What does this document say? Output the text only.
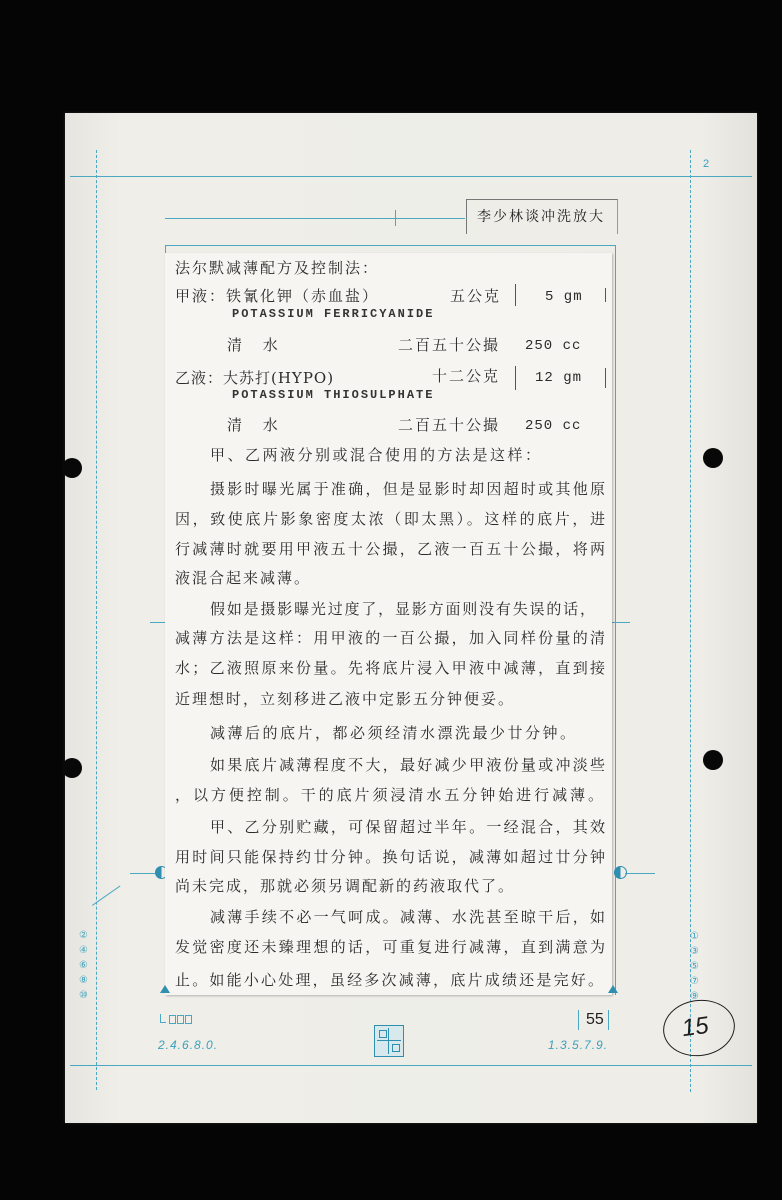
李少林谈冲洗放大
2
法尔默减薄配方及控制法：
甲液：铁氰化钾（赤血盐）	五公克	5 gm
POTASSIUM FERRICYANIDE
清 水	二百五十公撮 250 cc
乙液：大苏打(HYPO)	十二公克 12 gm
POTASSIUM THIOSULPHATE
清 水	二百五十公撮 250 cc
甲、乙两液分别或混合使用的方法是这样：
摄影时曝光属于准确，但是显影时却因超时或其他原
因，致使底片影象密度太浓（即太黑）。这样的底片，进
行减薄时就要用甲液五十公撮，乙液一百五十公撮，将两
液混合起来减薄。
假如是摄影曝光过度了，显影方面则没有失误的话，
减薄方法是这样：用甲液的一百公撮，加入同样份量的清
水；乙液照原来份量。先将底片浸入甲液中减薄，直到接
近理想时，立刻移进乙液中定影五分钟便妥。
减薄后的底片，都必须经清水漂洗最少廿分钟。
如果底片减薄程度不大，最好减少甲液份量或冲淡些
，以方便控制。干的底片须浸清水五分钟始进行减薄。
甲、乙分别贮藏，可保留超过半年。一经混合，其效
用时间只能保持约廿分钟。换句话说，减薄如超过廿分钟
尚未完成，那就必须另调配新的药液取代了。
减薄手续不必一气呵成。减薄、水洗甚至晾干后，如
发觉密度还未臻理想的话，可重复进行减薄，直到满意为
止。如能小心处理，虽经多次减薄，底片成绩还是完好。
②
④
⑥
⑧
⑩
①
③
⑤
⑦
⑨
55
2.4.6.8.0.	1.3.5.7.9.
15
